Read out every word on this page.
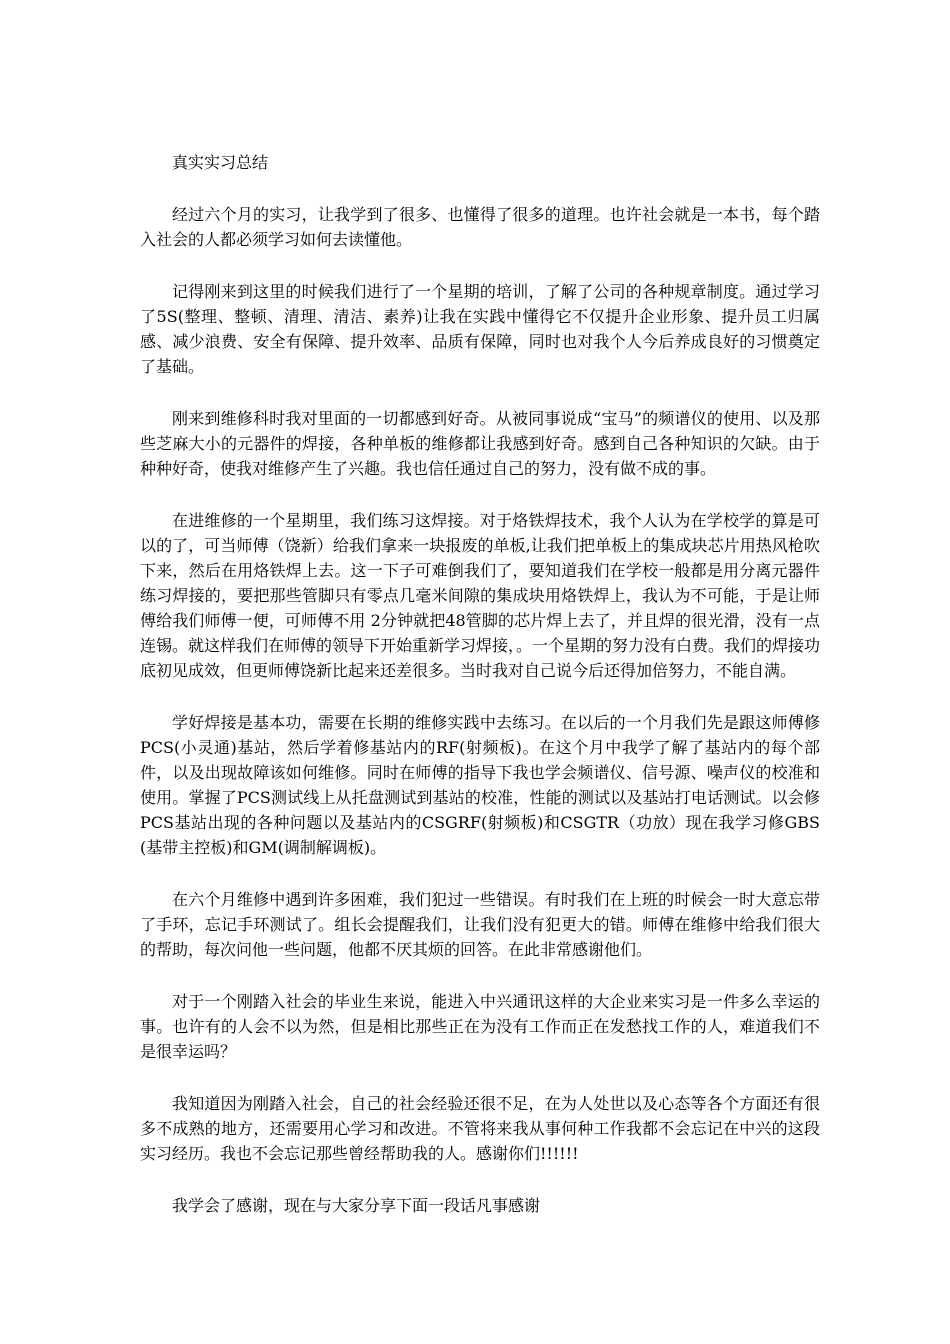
真实实习总结

经过六个月的实习，让我学到了很多、也懂得了很多的道理。也许社会就是一本书，每个踏入社会的人都必须学习如何去读懂他。

记得刚来到这里的时候我们进行了一个星期的培训，了解了公司的各种规章制度。通过学习了5S(整理、整顿、清理、清洁、素养)让我在实践中懂得它不仅提升企业形象、提升员工归属感、减少浪费、安全有保障、提升效率、品质有保障，同时也对我个人今后养成良好的习惯奠定了基础。

刚来到维修科时我对里面的一切都感到好奇。从被同事说成“宝马”的频谱仪的使用、以及那些芝麻大小的元器件的焊接，各种单板的维修都让我感到好奇。感到自己各种知识的欠缺。由于种种好奇，使我对维修产生了兴趣。我也信任通过自己的努力，没有做不成的事。

在进维修的一个星期里，我们练习这焊接。对于烙铁焊技术，我个人认为在学校学的算是可以的了，可当师傅（饶新）给我们拿来一块报废的单板,让我们把单板上的集成块芯片用热风枪吹下来，然后在用烙铁焊上去。这一下子可难倒我们了，要知道我们在学校一般都是用分离元器件练习焊接的，要把那些管脚只有零点几毫米间隙的集成块用烙铁焊上，我认为不可能，于是让师傅给我们师傅一便，可师傅不用 2分钟就把48管脚的芯片焊上去了，并且焊的很光滑，没有一点连锡。就这样我们在师傅的领导下开始重新学习焊接，。一个星期的努力没有白费。我们的焊接功底初见成效，但更师傅饶新比起来还差很多。当时我对自己说今后还得加倍努力，不能自满。

学好焊接是基本功，需要在长期的维修实践中去练习。在以后的一个月我们先是跟这师傅修PCS(小灵通)基站，然后学着修基站内的RF(射频板)。在这个月中我学了解了基站内的每个部件，以及出现故障该如何维修。同时在师傅的指导下我也学会频谱仪、信号源、噪声仪的校准和使用。掌握了PCS测试线上从托盘测试到基站的校准，性能的测试以及基站打电话测试。以会修PCS基站出现的各种问题以及基站内的CSGRF(射频板)和CSGTR（功放）现在我学习修GBS(基带主控板)和GM(调制解调板)。

在六个月维修中遇到许多困难，我们犯过一些错误。有时我们在上班的时候会一时大意忘带了手环，忘记手环测试了。组长会提醒我们，让我们没有犯更大的错。师傅在维修中给我们很大的帮助，每次问他一些问题，他都不厌其烦的回答。在此非常感谢他们。

对于一个刚踏入社会的毕业生来说，能进入中兴通讯这样的大企业来实习是一件多么幸运的事。也许有的人会不以为然，但是相比那些正在为没有工作而正在发愁找工作的人，难道我们不是很幸运吗？

我知道因为刚踏入社会，自己的社会经验还很不足，在为人处世以及心态等各个方面还有很多不成熟的地方，还需要用心学习和改进。不管将来我从事何种工作我都不会忘记在中兴的这段实习经历。我也不会忘记那些曾经帮助我的人。感谢你们!!!!!!

我学会了感谢，现在与大家分享下面一段话凡事感谢
